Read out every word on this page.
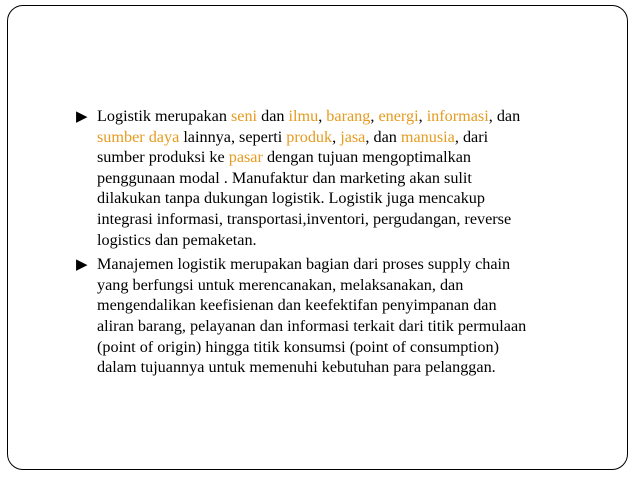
▶ Logistik merupakan seni dan ilmu, barang, energi, informasi, dan
sumber daya lainnya, seperti produk, jasa, dan manusia, dari
sumber produksi ke pasar dengan tujuan mengoptimalkan
penggunaan modal . Manufaktur dan marketing akan sulit
dilakukan tanpa dukungan logistik. Logistik juga mencakup
integrasi informasi, transportasi,inventori, pergudangan, reverse
logistics dan pemaketan.
▶ Manajemen logistik merupakan bagian dari proses supply chain
yang berfungsi untuk merencanakan, melaksanakan, dan
mengendalikan keefisienan dan keefektifan penyimpanan dan
aliran barang, pelayanan dan informasi terkait dari titik permulaan
(point of origin) hingga titik konsumsi (point of consumption)
dalam tujuannya untuk memenuhi kebutuhan para pelanggan.
